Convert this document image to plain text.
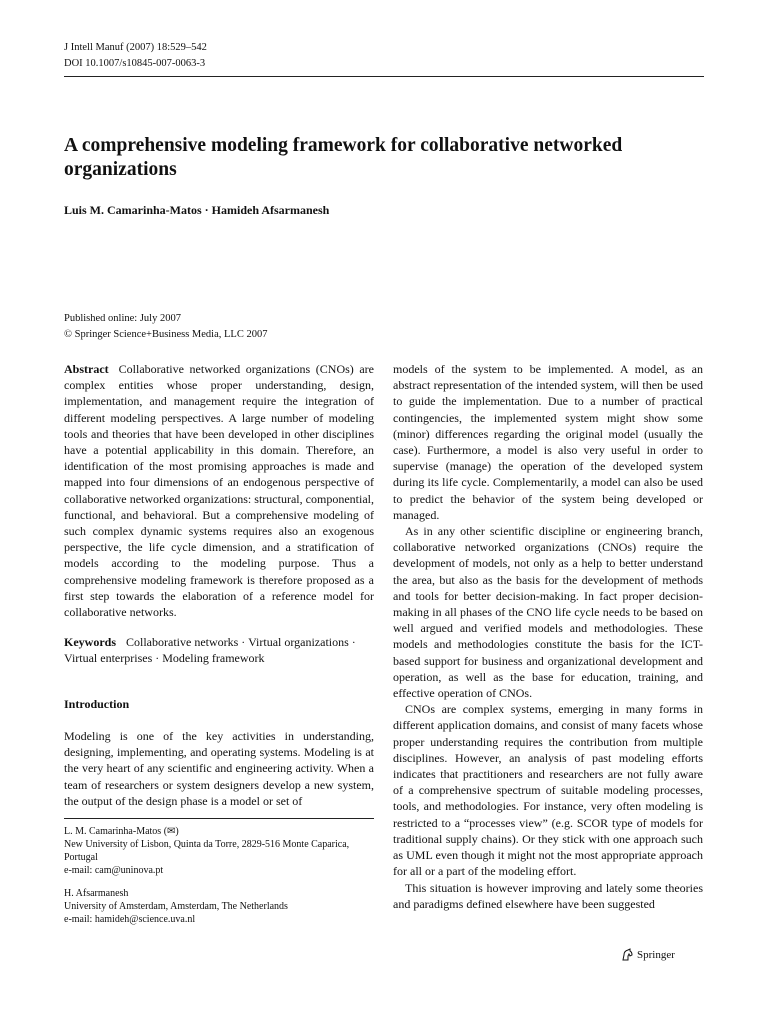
J Intell Manuf (2007) 18:529–542
DOI 10.1007/s10845-007-0063-3
A comprehensive modeling framework for collaborative networked organizations
Luis M. Camarinha-Matos · Hamideh Afsarmanesh
Published online: July 2007
© Springer Science+Business Media, LLC 2007

Abstract Collaborative networked organizations (CNOs) are complex entities whose proper understanding, design, implementation, and management require the integration of different modeling perspectives. A large number of modeling tools and theories that have been developed in other disciplines have a potential applicability in this domain. Therefore, an identification of the most promising approaches is made and mapped into four dimensions of an endogenous perspective of collaborative networked organizations: structural, componential, functional, and behavioral. But a comprehensive modeling of such complex dynamic systems requires also an exogenous perspective, the life cycle dimension, and a stratification of models according to the modeling purpose. Thus a comprehensive modeling framework is therefore proposed as a first step towards the elaboration of a reference model for collaborative networks.

Keywords Collaborative networks · Virtual organizations · Virtual enterprises · Modeling framework
Introduction

Modeling is one of the key activities in understanding, designing, implementing, and operating systems. Modeling is at the very heart of any scientific and engineering activity. When a team of researchers or system designers develop a new system, the output of the design phase is a model or set of

L. M. Camarinha-Matos (✉)
New University of Lisbon, Quinta da Torre, 2829-516 Monte Caparica, Portugal
e-mail: cam@uninova.pt
H. Afsarmanesh
University of Amsterdam, Amsterdam, The Netherlands
e-mail: hamideh@science.uva.nl

models of the system to be implemented. A model, as an abstract representation of the intended system, will then be used to guide the implementation. Due to a number of practical contingencies, the implemented system might show some (minor) differences regarding the original model (usually the case). Furthermore, a model is also very useful in order to supervise (manage) the operation of the developed system during its life cycle. Complementarily, a model can also be used to predict the behavior of the system being developed or managed.

As in any other scientific discipline or engineering branch, collaborative networked organizations (CNOs) require the development of models, not only as a help to better understand the area, but also as the basis for the development of methods and tools for better decision-making. In fact proper decision-making in all phases of the CNO life cycle needs to be based on well argued and verified models and methodologies. These models and methodologies constitute the basis for the ICT-based support for business and organizational development and operation, as well as the base for education, training, and effective operation of CNOs.

CNOs are complex systems, emerging in many forms in different application domains, and consist of many facets whose proper understanding requires the contribution from multiple disciplines. However, an analysis of past modeling efforts indicates that practitioners and researchers are not fully aware of a comprehensive spectrum of suitable modeling processes, tools, and methodologies. For instance, very often modeling is restricted to a “processes view” (e.g. SCOR type of models for traditional supply chains). Or they stick with one approach such as UML even though it might not the most appropriate approach for all or a part of the modeling effort.

This situation is however improving and lately some theories and paradigms defined elsewhere have been suggested

Springer
